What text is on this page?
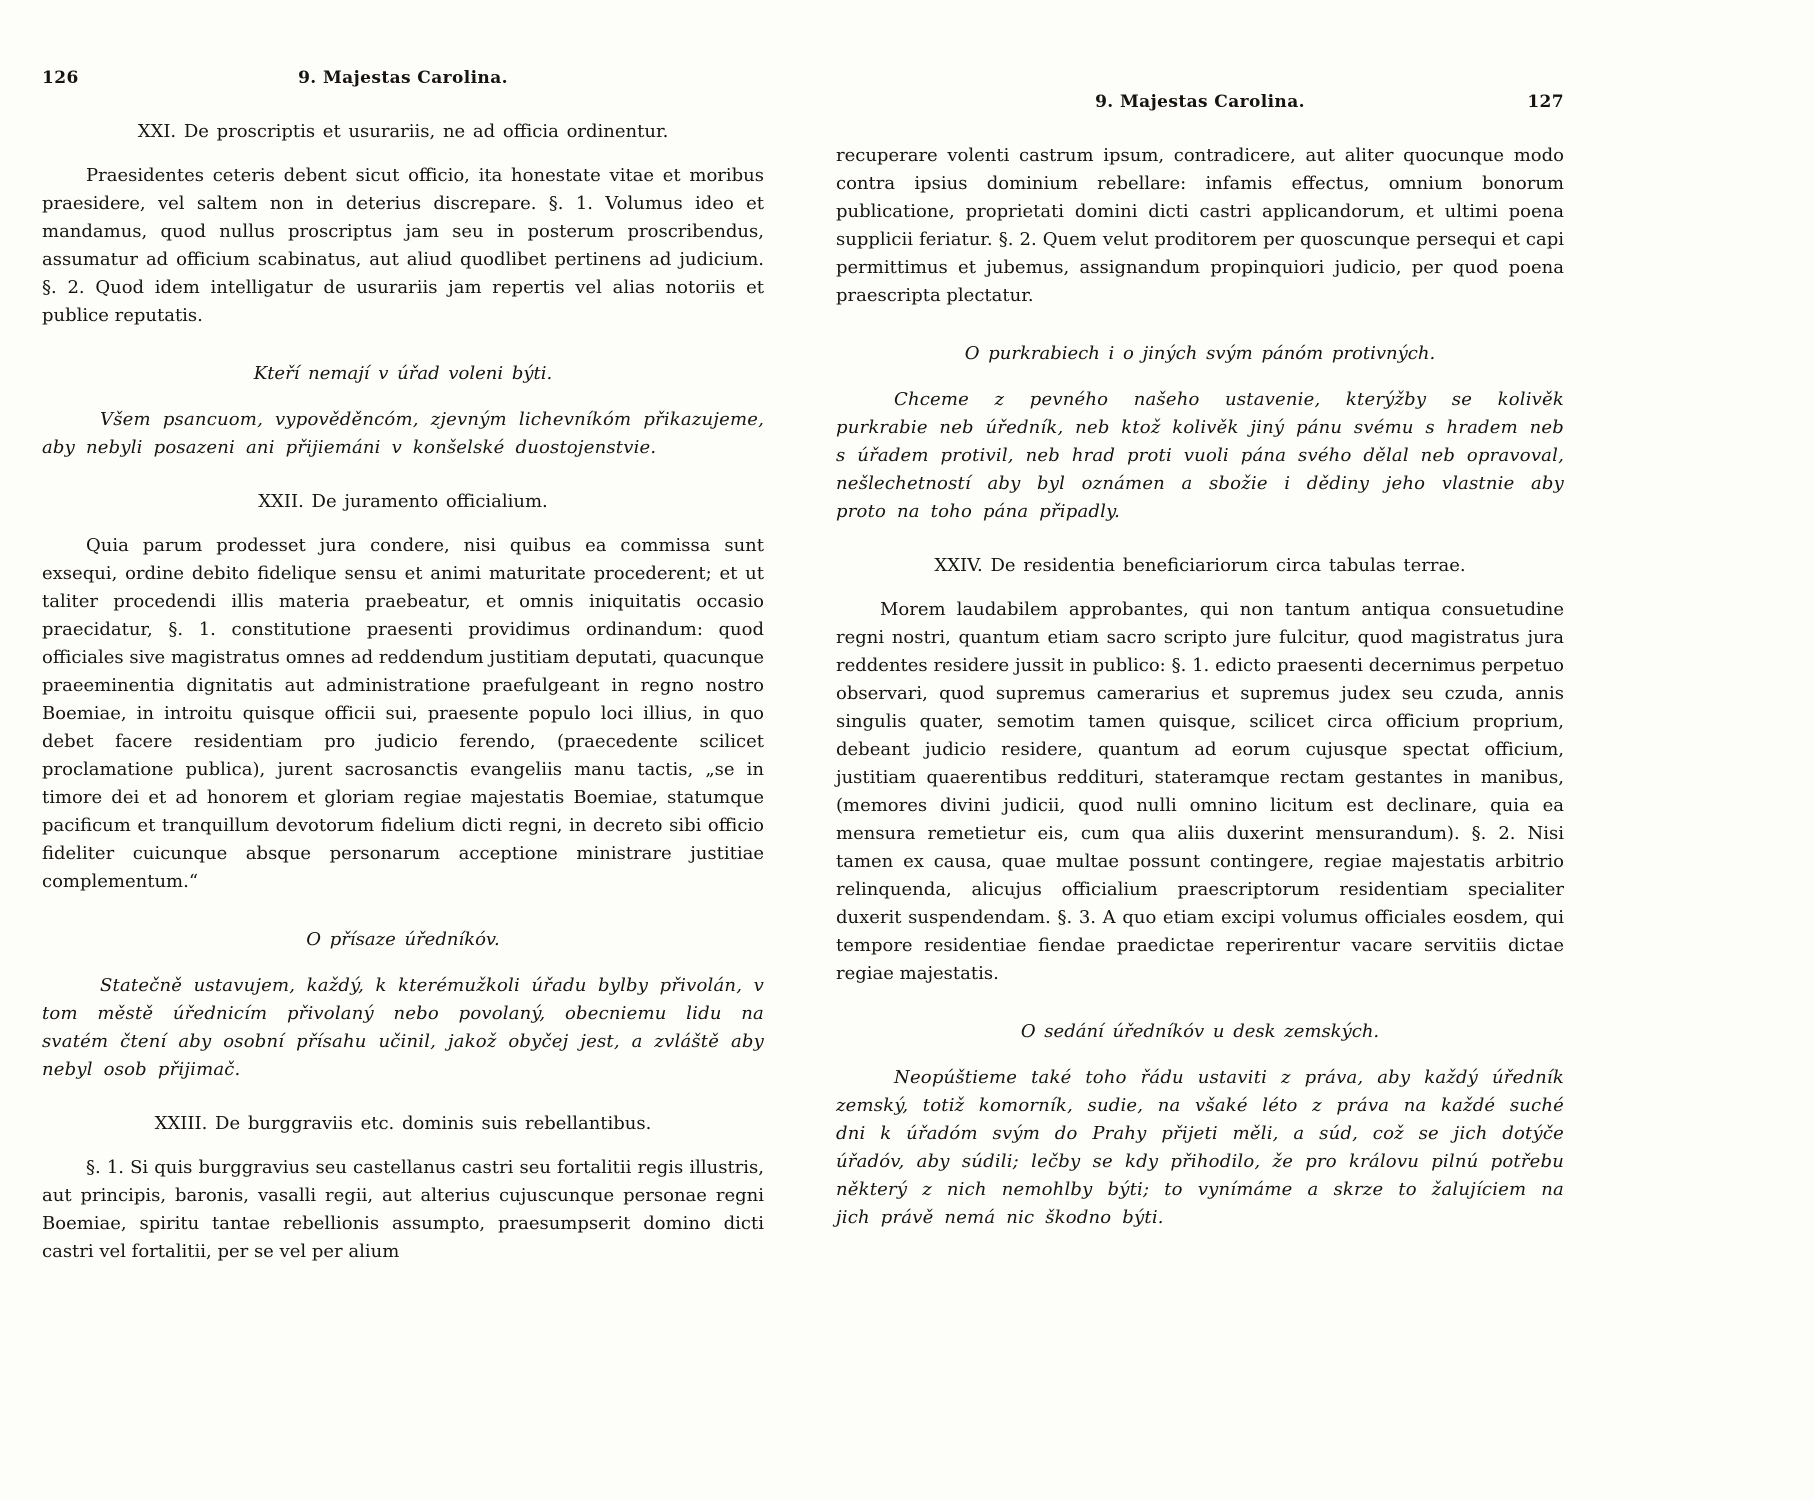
126	9. Majestas Carolina.
XXI. De proscriptis et usurariis, ne ad officia ordinentur.
Praesidentes ceteris debent sicut officio, ita honestate vitae et moribus praesidere, vel saltem non in deterius discrepare. §. 1. Volumus ideo et mandamus, quod nullus proscriptus jam seu in posterum proscribendus, assumatur ad officium scabinatus, aut aliud quodlibet pertinens ad judicium. §. 2. Quod idem intelligatur de usurariis jam repertis vel alias notoriis et publice reputatis.
Kteří nemají v úřad voleni býti.
Všem psancuom, vypověděncóm, zjevným lichevníkóm přikazujeme, aby nebyli posazeni ani přijiemáni v konšelské duostojenstvie.
XXII. De juramento officialium.
Quia parum prodesset jura condere, nisi quibus ea commissa sunt exsequi, ordine debito fidelique sensu et animi maturitate procederent; et ut taliter procedendi illis materia praebeatur, et omnis iniquitatis occasio praecidatur, §. 1. constitutione praesenti providimus ordinandum: quod officiales sive magistratus omnes ad reddendum justitiam deputati, quacunque praeeminentia dignitatis aut administratione praefulgeant in regno nostro Boemiae, in introitu quisque officii sui, praesente populo loci illius, in quo debet facere residentiam pro judicio ferendo, (praecedente scilicet proclamatione publica), jurent sacrosanctis evangeliis manu tactis, „se in timore dei et ad honorem et gloriam regiae majestatis Boemiae, statumque pacificum et tranquillum devotorum fidelium dicti regni, in decreto sibi officio fideliter cuicunque absque personarum acceptione ministrare justitiae complementum.“
O přísaze úředníkóv.
Statečně ustavujem, každý, k kterémužkoli úřadu bylby přivolán, v tom městě úřednicím přivolaný nebo povolaný, obecniemu lidu na svatém čtení aby osobní přísahu učinil, jakož obyčej jest, a zvláště aby nebyl osob přijimač.
XXIII. De burggraviis etc. dominis suis rebellantibus.
§. 1. Si quis burggravius seu castellanus castri seu fortalitii regis illustris, aut principis, baronis, vasalli regii, aut alterius cujuscunque personae regni Boemiae, spiritu tantae rebellionis assumpto, praesumpserit domino dicti castri vel fortalitii, per se vel per alium
9. Majestas Carolina.	127
recuperare volenti castrum ipsum, contradicere, aut aliter quocunque modo contra ipsius dominium rebellare: infamis effectus, omnium bonorum publicatione, proprietati domini dicti castri applicandorum, et ultimi poena supplicii feriatur. §. 2. Quem velut proditorem per quoscunque persequi et capi permittimus et jubemus, assignandum propinquiori judicio, per quod poena praescripta plectatur.
O purkrabiech i o jiných svým pánóm protivných.
Chceme z pevného našeho ustavenie, kterýžby se kolivěk purkrabie neb úředník, neb ktož kolivěk jiný pánu svému s hradem neb s úřadem protivil, neb hrad proti vuoli pána svého dělal neb opravoval, nešlechetností aby byl oznámen a sbožie i dědiny jeho vlastnie aby proto na toho pána připadly.
XXIV. De residentia beneficiariorum circa tabulas terrae.
Morem laudabilem approbantes, qui non tantum antiqua consuetudine regni nostri, quantum etiam sacro scripto jure fulcitur, quod magistratus jura reddentes residere jussit in publico: §. 1. edicto praesenti decernimus perpetuo observari, quod supremus camerarius et supremus judex seu czuda, annis singulis quater, semotim tamen quisque, scilicet circa officium proprium, debeant judicio residere, quantum ad eorum cujusque spectat officium, justitiam quaerentibus reddituri, stateramque rectam gestantes in manibus, (memores divini judicii, quod nulli omnino licitum est declinare, quia ea mensura remetietur eis, cum qua aliis duxerint mensurandum). §. 2. Nisi tamen ex causa, quae multae possunt contingere, regiae majestatis arbitrio relinquenda, alicujus officialium praescriptorum residentiam specialiter duxerit suspendendam. §. 3. A quo etiam excipi volumus officiales eosdem, qui tempore residentiae fiendae praedictae reperirentur vacare servitiis dictae regiae majestatis.
O sedání úředníkóv u desk zemských.
Neopúštieme také toho řádu ustaviti z práva, aby každý úředník zemský, totiž komorník, sudie, na všaké léto z práva na každé suché dni k úřadóm svým do Prahy přijeti měli, a súd, což se jich dotýče úřadóv, aby súdili; lečby se kdy přihodilo, že pro královu pilnú potřebu některý z nich nemohlby býti; to vynímáme a skrze to žalujíciem na jich právě nemá nic škodno býti.
